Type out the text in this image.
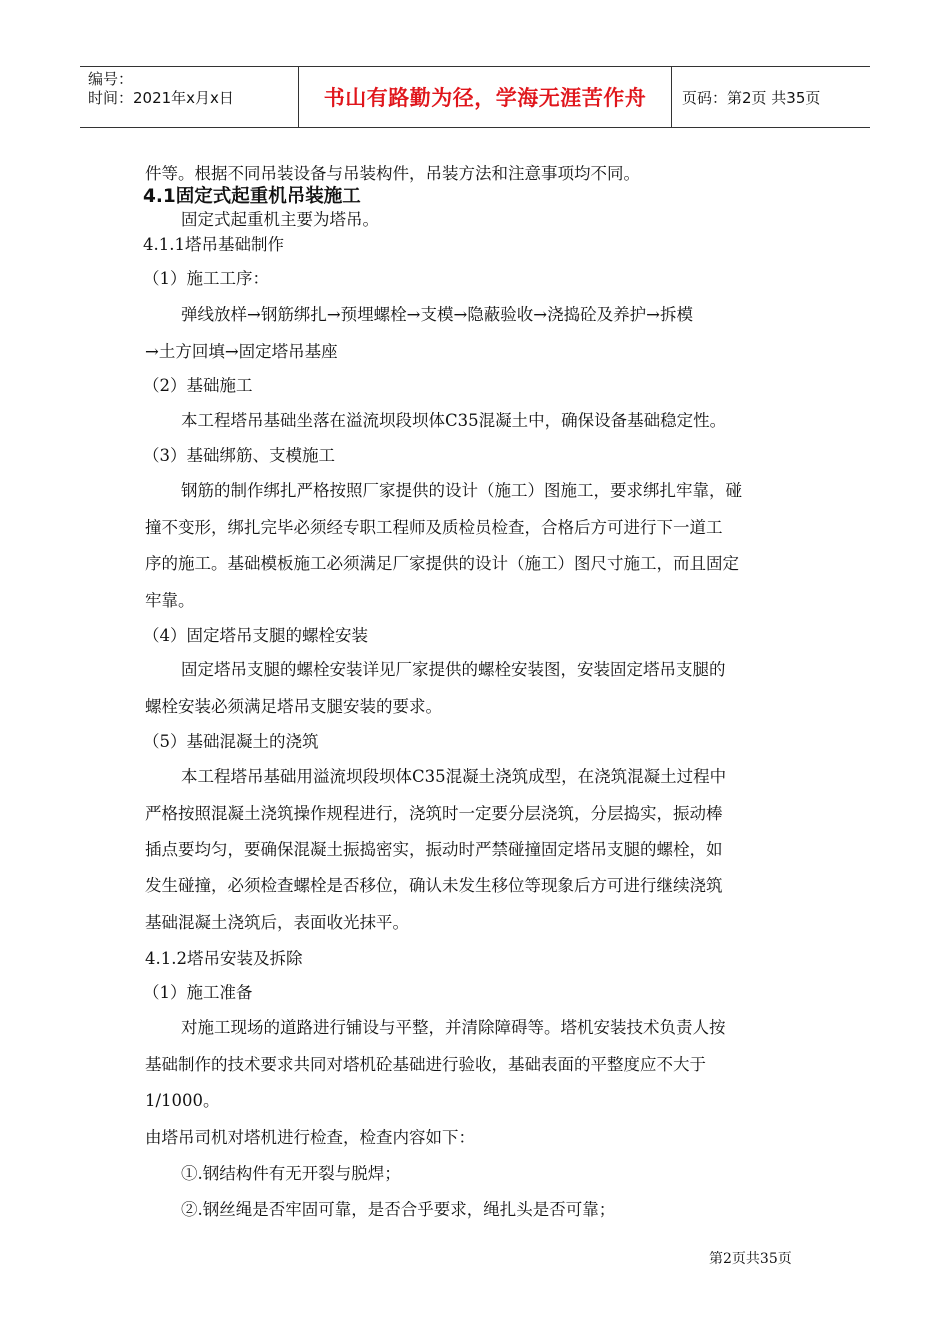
编号：
时间：2021年x月x日	书山有路勤为径，学海无涯苦作舟	页码：第2页 共35页
件等。根据不同吊装设备与吊装构件，吊装方法和注意事项均不同。
4.1固定式起重机吊装施工
固定式起重机主要为塔吊。
4.1.1塔吊基础制作
（1）施工工序：
弹线放样→钢筋绑扎→预埋螺栓→支模→隐蔽验收→浇捣砼及养护→拆模
→土方回填→固定塔吊基座
（2）基础施工
本工程塔吊基础坐落在溢流坝段坝体C35混凝土中，确保设备基础稳定性。
（3）基础绑筋、支模施工
钢筋的制作绑扎严格按照厂家提供的设计（施工）图施工，要求绑扎牢靠，碰
撞不变形，绑扎完毕必须经专职工程师及质检员检查，合格后方可进行下一道工
序的施工。基础模板施工必须满足厂家提供的设计（施工）图尺寸施工，而且固定
牢靠。
（4）固定塔吊支腿的螺栓安装
固定塔吊支腿的螺栓安装详见厂家提供的螺栓安装图，安装固定塔吊支腿的
螺栓安装必须满足塔吊支腿安装的要求。
（5）基础混凝土的浇筑
本工程塔吊基础用溢流坝段坝体C35混凝土浇筑成型，在浇筑混凝土过程中
严格按照混凝土浇筑操作规程进行，浇筑时一定要分层浇筑，分层捣实，振动棒
插点要均匀，要确保混凝土振捣密实，振动时严禁碰撞固定塔吊支腿的螺栓，如
发生碰撞，必须检查螺栓是否移位，确认未发生移位等现象后方可进行继续浇筑
基础混凝土浇筑后，表面收光抹平。
4.1.2塔吊安装及拆除
（1）施工准备
对施工现场的道路进行铺设与平整，并清除障碍等。塔机安装技术负责人按
基础制作的技术要求共同对塔机砼基础进行验收，基础表面的平整度应不大于
1/1000。
由塔吊司机对塔机进行检查，检查内容如下：
①.钢结构件有无开裂与脱焊；
②.钢丝绳是否牢固可靠，是否合乎要求，绳扎头是否可靠；
第2页共35页
